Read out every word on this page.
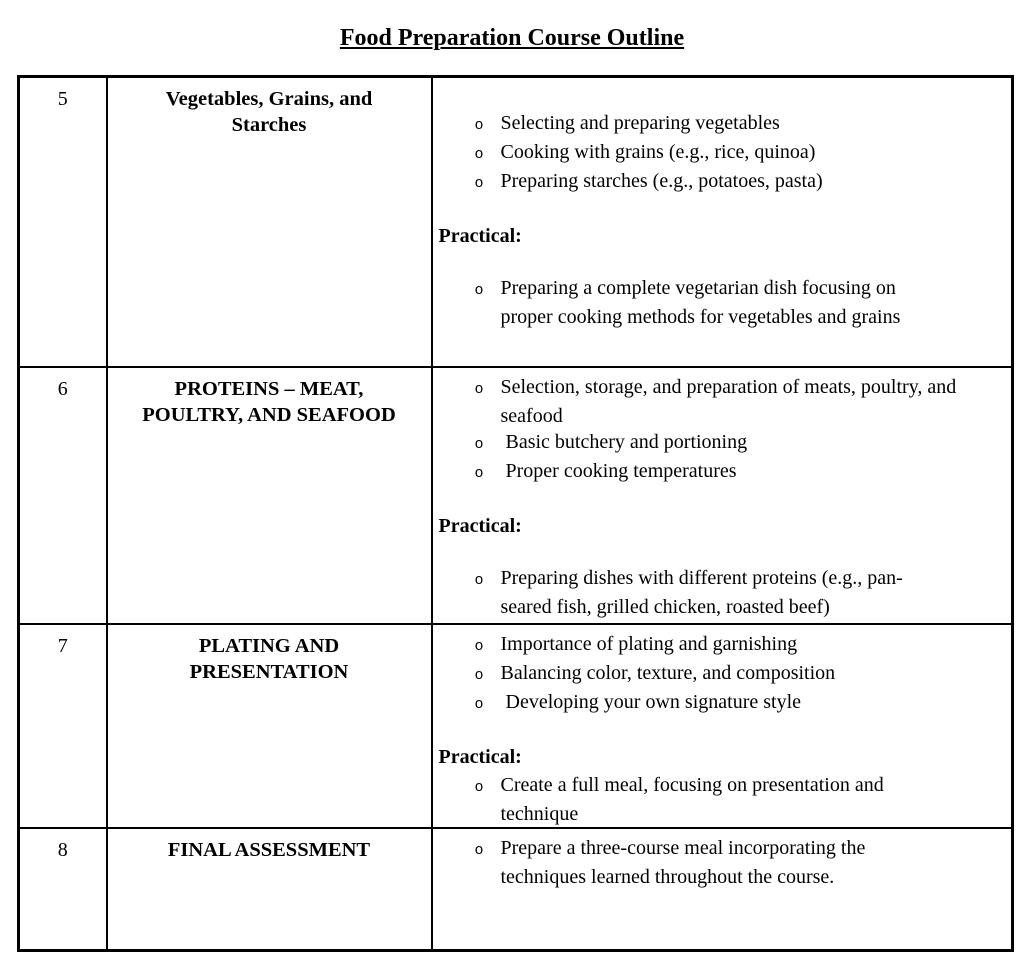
Food Preparation Course Outline
5	Vegetables, Grains, and Starches	o Selecting and preparing vegetables
o Cooking with grains (e.g., rice, quinoa)
o Preparing starches (e.g., potatoes, pasta)

Practical:

o Preparing a complete vegetarian dish focusing on proper cooking methods for vegetables and grains

6	PROTEINS – MEAT, POULTRY, AND SEAFOOD	
o Selection, storage, and preparation of meats, poultry, and seafood
o Basic butchery and portioning
o Proper cooking temperatures

Practical:

o Preparing dishes with different proteins (e.g., pan-seared fish, grilled chicken, roasted beef)

7	PLATING AND PRESENTATION	
o Importance of plating and garnishing
o Balancing color, texture, and composition
o Developing your own signature style

Practical:

o Create a full meal, focusing on presentation and technique

8	FINAL ASSESSMENT	o Prepare a three-course meal incorporating the techniques learned throughout the course.
